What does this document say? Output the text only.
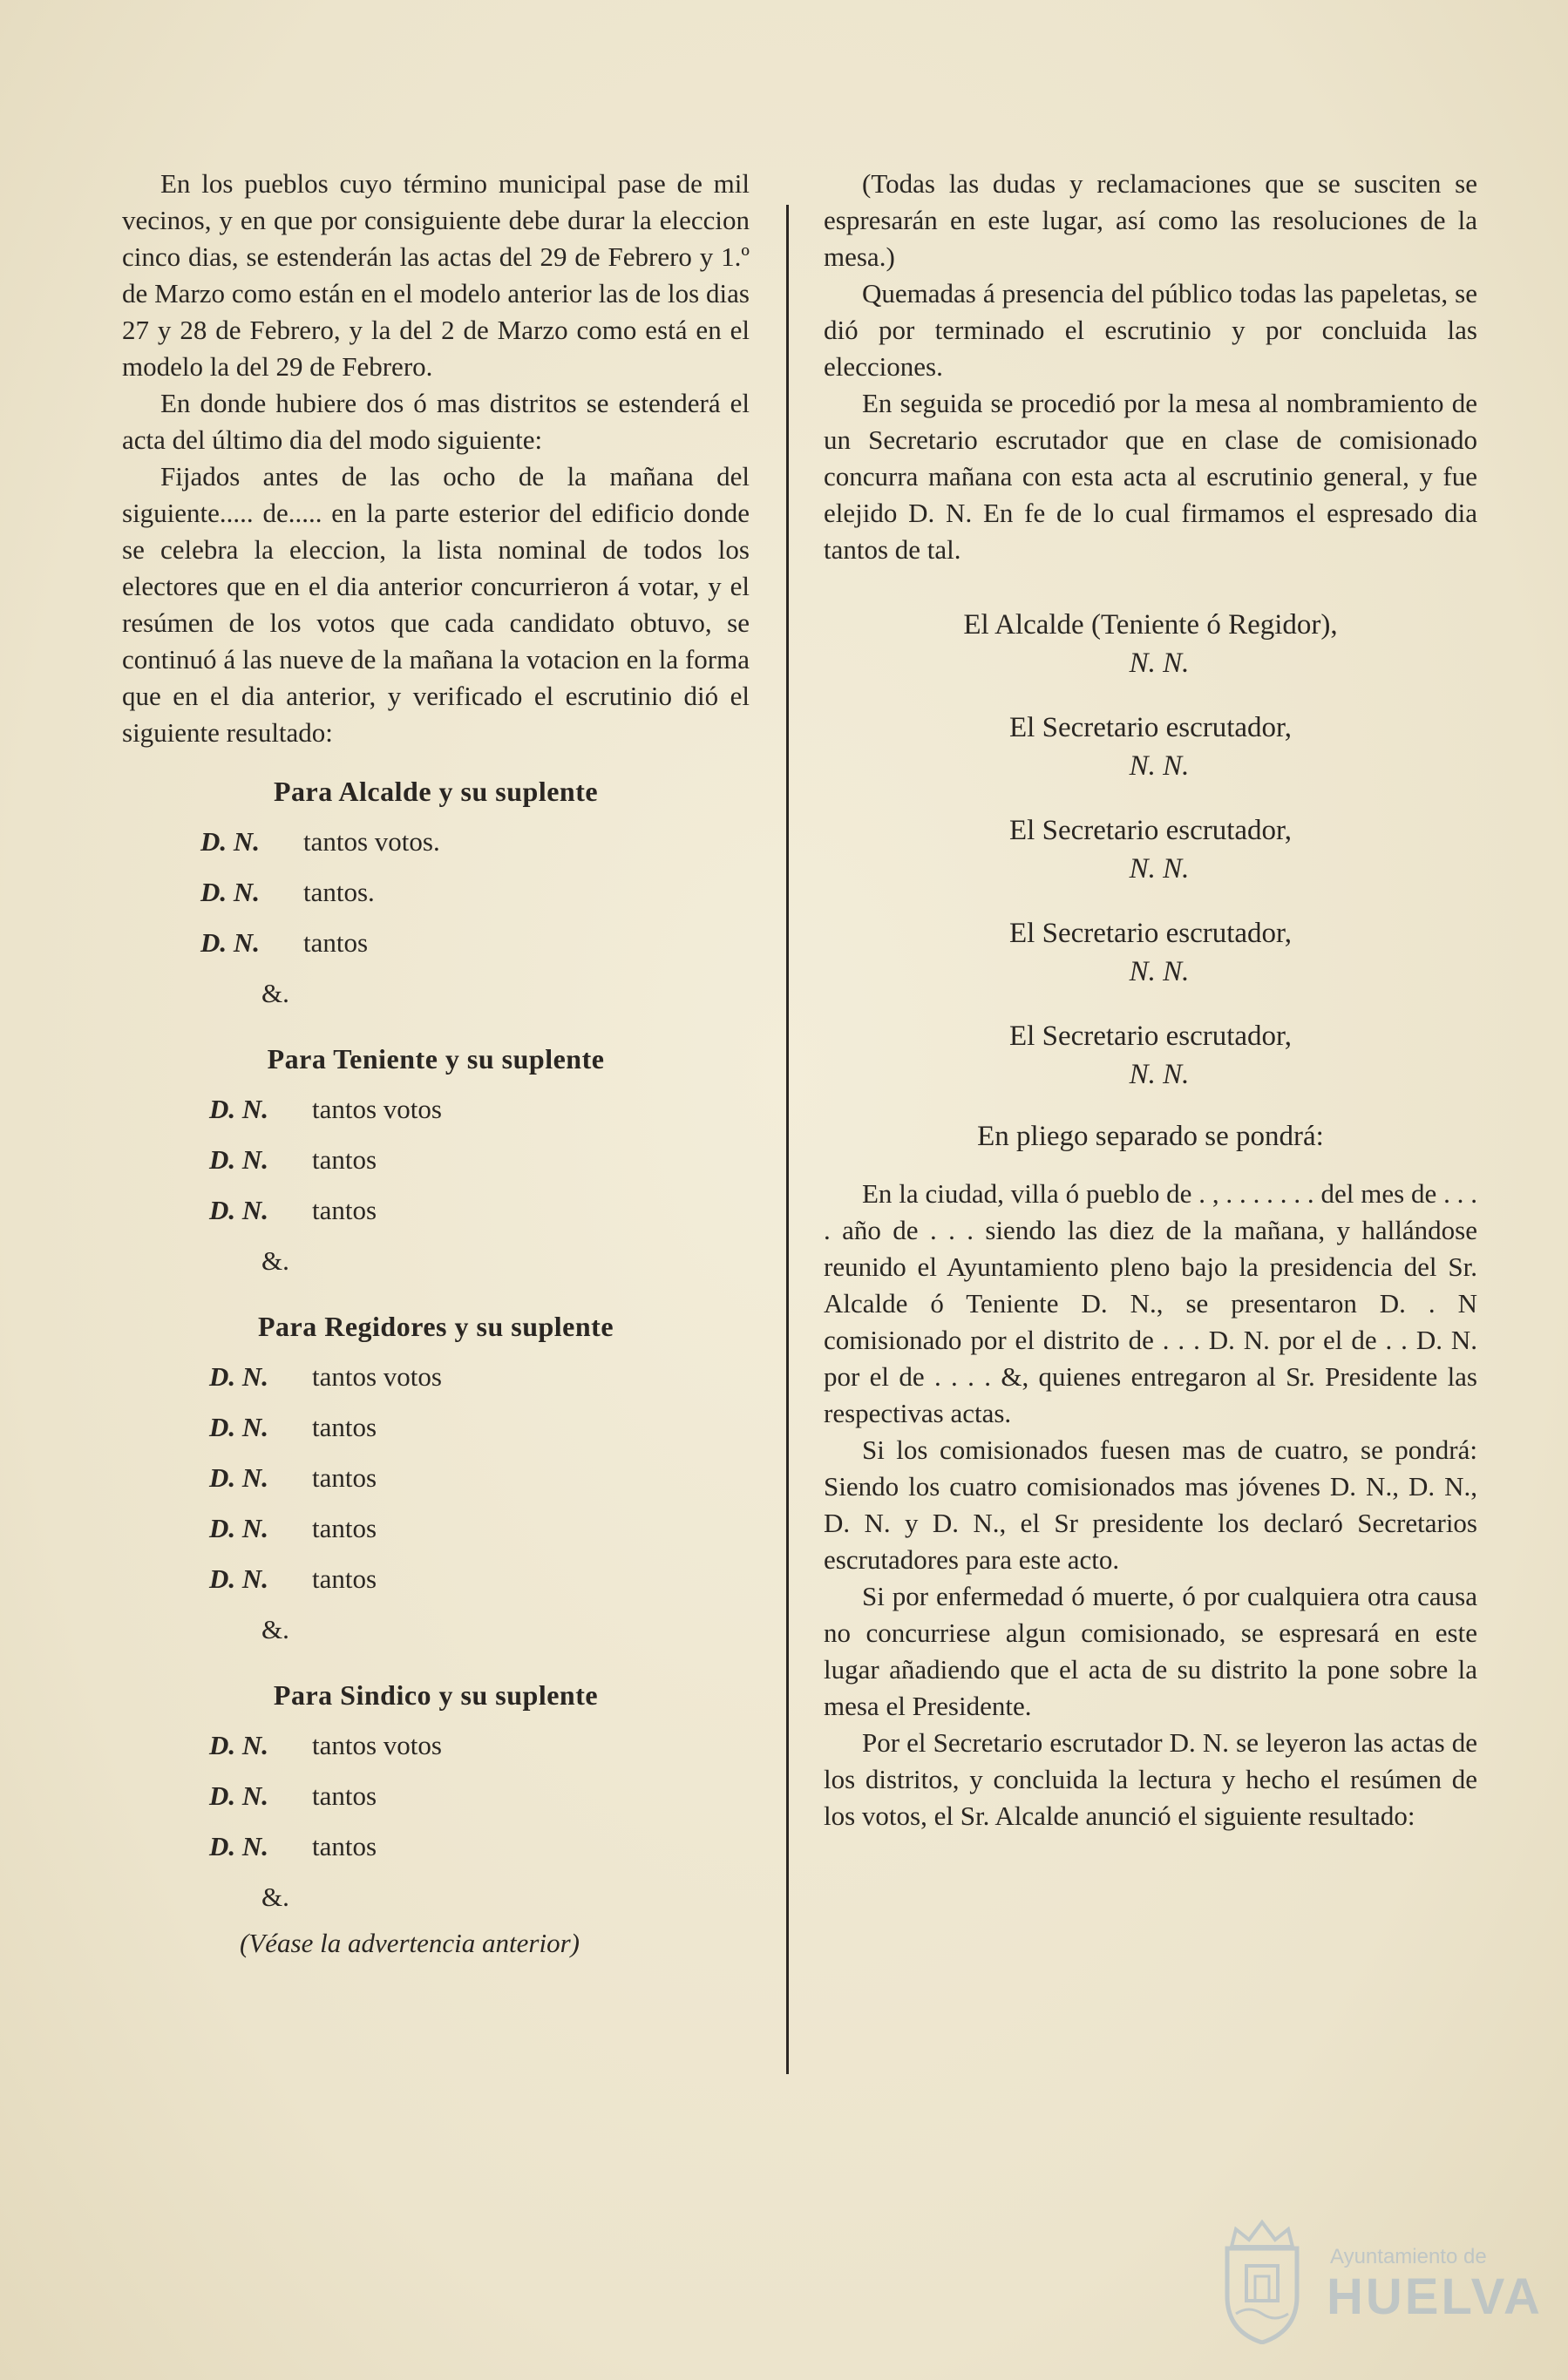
En los pueblos cuyo término municipal pase de mil vecinos, y en que por consiguiente debe durar la eleccion cinco dias, se estenderán las actas del 29 de Febrero y 1.º de Marzo como están en el modelo anterior las de los dias 27 y 28 de Febrero, y la del 2 de Marzo como está en el modelo la del 29 de Febrero.

En donde hubiere dos ó mas distritos se estenderá el acta del último dia del modo siguiente:

Fijados antes de las ocho de la mañana del siguiente..... de..... en la parte esterior del edificio donde se celebra la eleccion, la lista nominal de todos los electores que en el dia anterior concurrieron á votar, y el resúmen de los votos que cada candidato obtuvo, se continuó á las nueve de la mañana la votacion en la forma que en el dia anterior, y verificado el escrutinio dió el siguiente resultado:

Para Alcalde y su suplente
D. N. tantos votos.
D. N. tantos.
D. N. tantos
&.
Para Teniente y su suplente
D. N. tantos votos
D. N. tantos
D. N. tantos
&.
Para Regidores y su suplente
D. N. tantos votos
D. N. tantos
D. N. tantos
D. N. tantos
D. N. tantos
&.
Para Sindico y su suplente
D. N. tantos votos
D. N. tantos
D. N. tantos
&.
(Véase la advertencia anterior)

(Todas las dudas y reclamaciones que se susciten se espresarán en este lugar, así como las resoluciones de la mesa.)

Quemadas á presencia del público todas las papeletas, se dió por terminado el escrutinio y por concluida las elecciones.

En seguida se procedió por la mesa al nombramiento de un Secretario escrutador que en clase de comisionado concurra mañana con esta acta al escrutinio general, y fue elejido D. N. En fe de lo cual firmamos el espresado dia tantos de tal.

El Alcalde (Teniente ó Regidor),
N. N.
El Secretario escrutador,
N. N.
El Secretario escrutador,
N. N.
El Secretario escrutador,
N. N.
El Secretario escrutador,
N. N.
En pliego separado se pondrá:

En la ciudad, villa ó pueblo de . , . . . . . . . del mes de . . . . año de . . . siendo las diez de la mañana, y hallándose reunido el Ayuntamiento pleno bajo la presidencia del Sr. Alcalde ó Teniente D. N., se presentaron D. . N comisionado por el distrito de . . . D. N. por el de . . D. N. por el de . . . . &, quienes entregaron al Sr. Presidente las respectivas actas.

Si los comisionados fuesen mas de cuatro, se pondrá: Siendo los cuatro comisionados mas jóvenes D. N., D. N., D. N. y D. N., el Sr presidente los declaró Secretarios escrutadores para este acto.

Si por enfermedad ó muerte, ó por cualquiera otra causa no concurriese algun comisionado, se espresará en este lugar añadiendo que el acta de su distrito la pone sobre la mesa el Presidente.

Por el Secretario escrutador D. N. se leyeron las actas de los distritos, y concluida la lectura y hecho el resúmen de los votos, el Sr. Alcalde anunció el siguiente resultado:

Ayuntamiento de
HUELVA
